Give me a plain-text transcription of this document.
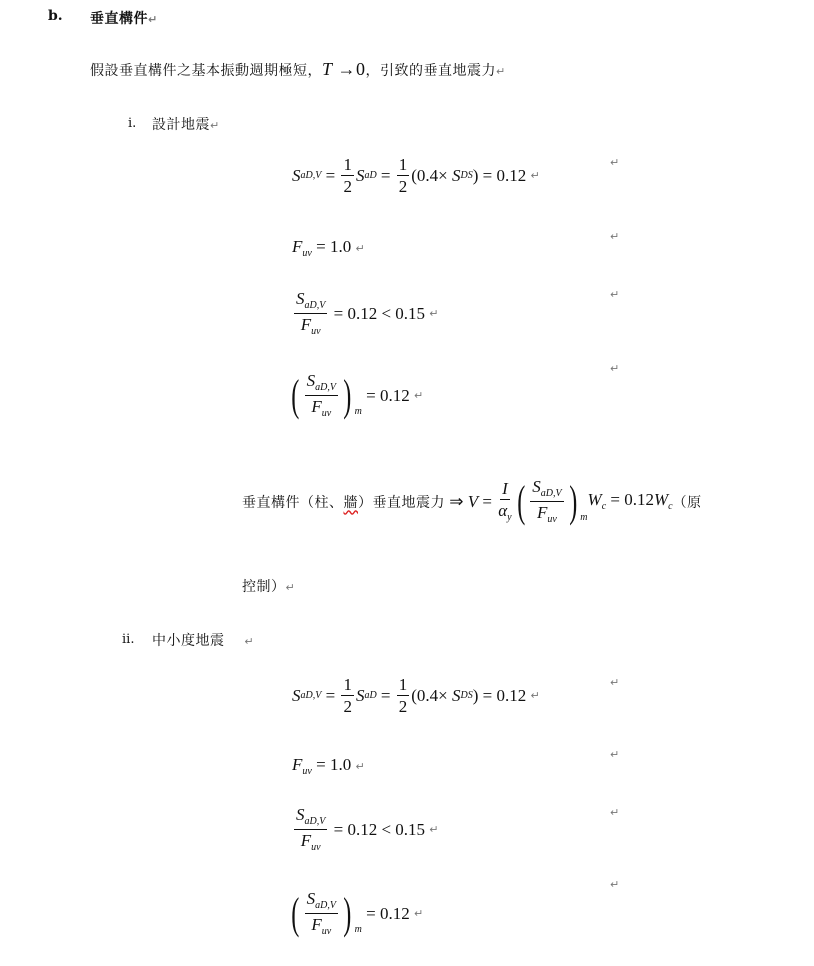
b. 垂直構件↵
假設垂直構件之基本振動週期極短，T →0，引致的垂直地震力↵
i. 設計地震↵
S $aD,V = \frac{1}{2}$ S aD = $\frac{1}{2} (0.4\times S$ DS ) = 0.12
↵
↵
$F_{uv} = 1.0$ ↵
↵
$\frac{S_{aD,V}}{F_{uv}} = 0.12 < 0.15$
↵
↵
( $\frac{S_{aD,V}}{F_{uv}}$ ) m
= 0.12
↵
↵
垂直構件（柱、 牆 ）垂直地震力 ⇒ $V = \frac{I}{\alpha_y}$ ( $\frac{S_{aD,V}}{F_{uv}}$ ) m
$W_c = 0.12W_c$ （原
控制）↵
ii. 中小度地震 ↵
S $aD,V = \frac{1}{2}$ S aD = $\frac{1}{2} (0.4\times S$ DS ) = 0.12
↵
↵
$F_{uv} = 1.0$ ↵
↵
$\frac{S_{aD,V}}{F_{uv}} = 0.12 < 0.15$
↵
↵
( $\frac{S_{aD,V}}{F_{uv}}$ ) m
= 0.12
↵
↵
